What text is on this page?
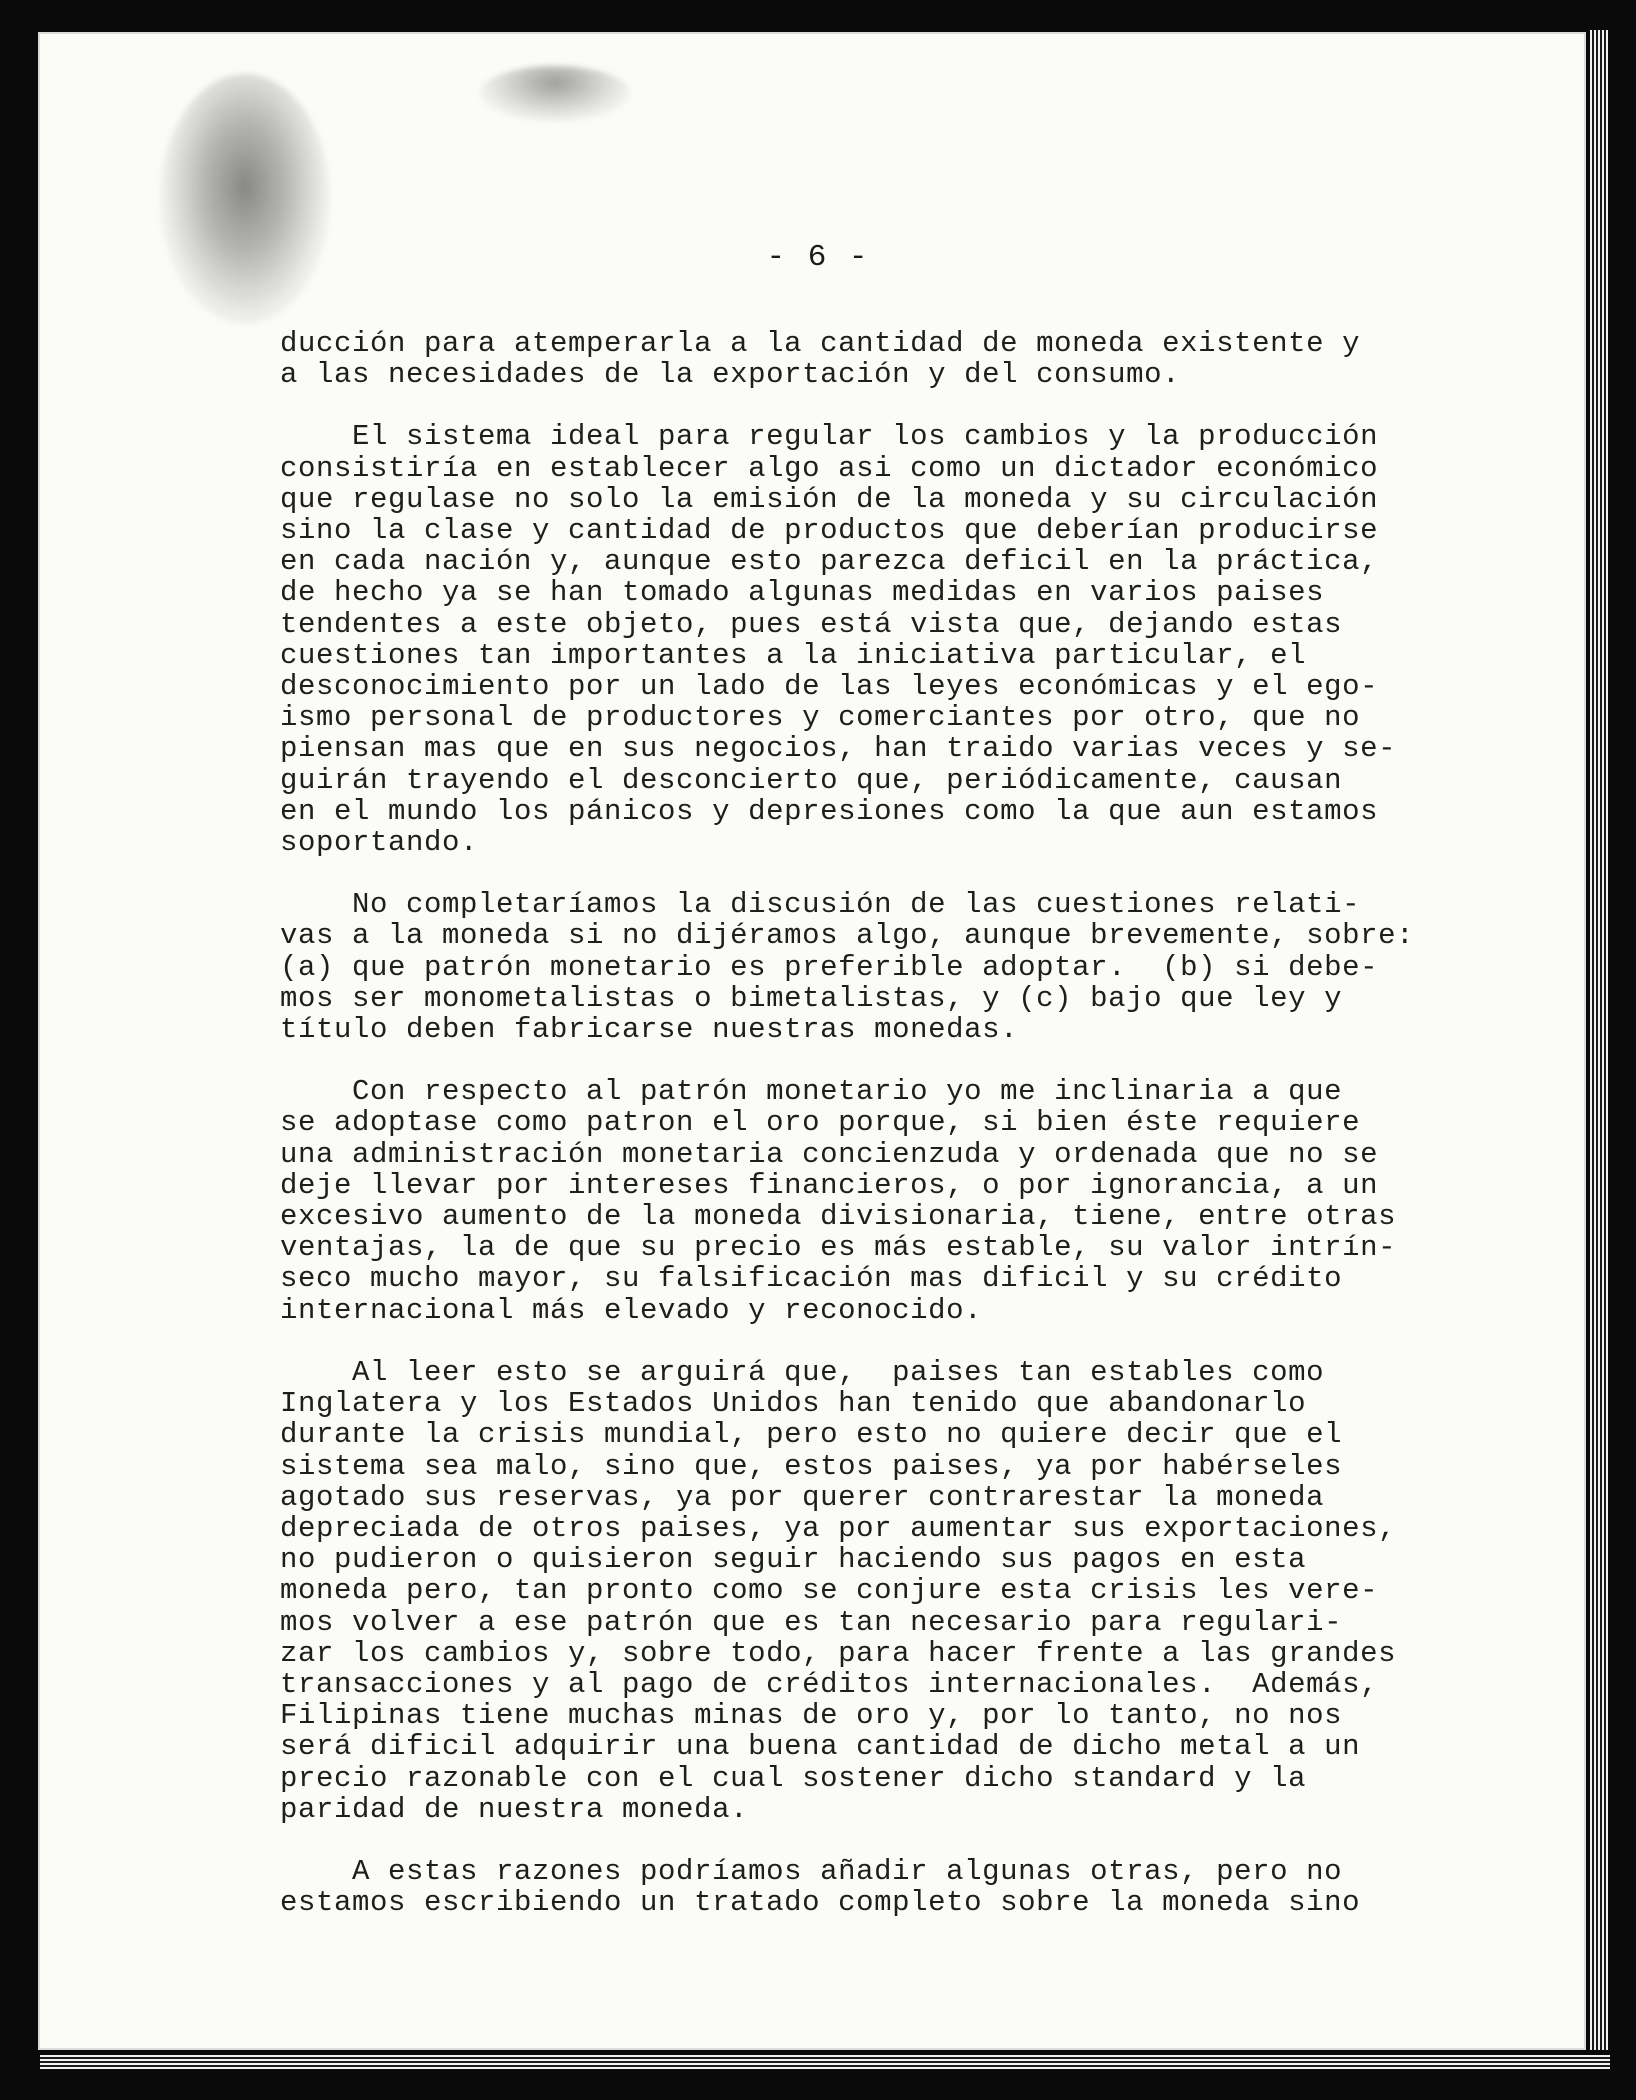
- 6 -
ducción para atemperarla a la cantidad de moneda existente y
a las necesidades de la exportación y del consumo.
El sistema ideal para regular los cambios y la producción
consistiría en establecer algo asi como un dictador económico
que regulase no solo la emisión de la moneda y su circulación
sino la clase y cantidad de productos que deberían producirse
en cada nación y, aunque esto parezca deficil en la práctica,
de hecho ya se han tomado algunas medidas en varios paises
tendentes a este objeto, pues está vista que, dejando estas
cuestiones tan importantes a la iniciativa particular, el
desconocimiento por un lado de las leyes económicas y el ego-
ismo personal de productores y comerciantes por otro, que no
piensan mas que en sus negocios, han traido varias veces y se-
guirán trayendo el desconcierto que, periódicamente, causan
en el mundo los pánicos y depresiones como la que aun estamos
soportando.
No completaríamos la discusión de las cuestiones relati-
vas a la moneda si no dijéramos algo, aunque brevemente, sobre:
(a) que patrón monetario es preferible adoptar.  (b) si debe-
mos ser monometalistas o bimetalistas, y (c) bajo que ley y
título deben fabricarse nuestras monedas.
Con respecto al patrón monetario yo me inclinaria a que
se adoptase como patron el oro porque, si bien éste requiere
una administración monetaria concienzuda y ordenada que no se
deje llevar por intereses financieros, o por ignorancia, a un
excesivo aumento de la moneda divisionaria, tiene, entre otras
ventajas, la de que su precio es más estable, su valor intrín-
seco mucho mayor, su falsificación mas dificil y su crédito
internacional más elevado y reconocido.
Al leer esto se arguirá que,  paises tan estables como
Inglatera y los Estados Unidos han tenido que abandonarlo
durante la crisis mundial, pero esto no quiere decir que el
sistema sea malo, sino que, estos paises, ya por habérseles
agotado sus reservas, ya por querer contrarestar la moneda
depreciada de otros paises, ya por aumentar sus exportaciones,
no pudieron o quisieron seguir haciendo sus pagos en esta
moneda pero, tan pronto como se conjure esta crisis les vere-
mos volver a ese patrón que es tan necesario para regulari-
zar los cambios y, sobre todo, para hacer frente a las grandes
transacciones y al pago de créditos internacionales.  Además,
Filipinas tiene muchas minas de oro y, por lo tanto, no nos
será dificil adquirir una buena cantidad de dicho metal a un
precio razonable con el cual sostener dicho standard y la
paridad de nuestra moneda.
A estas razones podríamos añadir algunas otras, pero no
estamos escribiendo un tratado completo sobre la moneda sino
